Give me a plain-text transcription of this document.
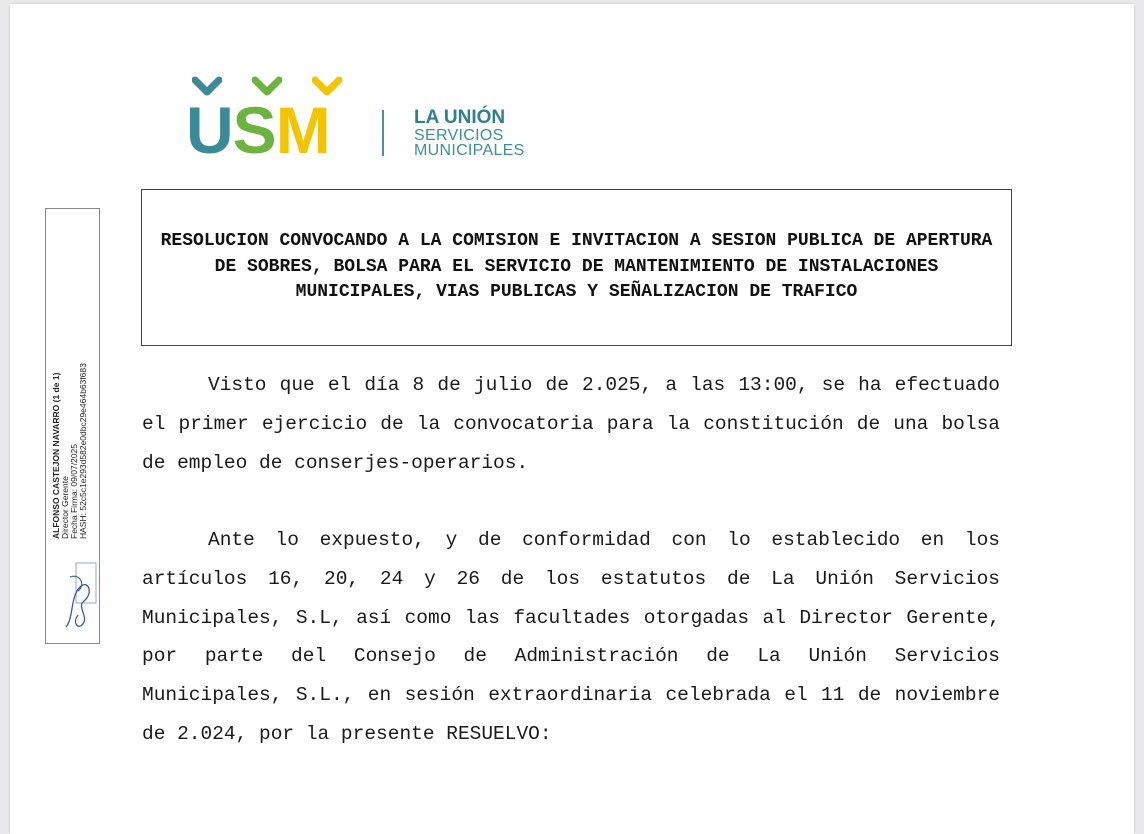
USM	LA UNIÓN
SERVICIOS
MUNICIPALES
ALFONSO CASTEJON NAVARRO (1 de 1) Director Gerente Fecha Firma: 09/07/2025 HASH: 52c5c1e293d582e0dbc29e464b63f683
RESOLUCION CONVOCANDO A LA COMISION E INVITACION A SESION PUBLICA DE APERTURA DE SOBRES, BOLSA PARA EL SERVICIO DE MANTENIMIENTO DE INSTALACIONES MUNICIPALES, VIAS PUBLICAS Y SEÑALIZACION DE TRAFICO
Visto que el día 8 de julio de 2.025, a las 13:00, se ha efectuado el primer ejercicio de la convocatoria para la constitución de una bolsa de empleo de conserjes-operarios.
Ante lo expuesto, y de conformidad con lo establecido en los artículos 16, 20, 24 y 26 de los estatutos de La Unión Servicios Municipales, S.L, así como las facultades otorgadas al Director Gerente, por parte del Consejo de Administración de La Unión Servicios Municipales, S.L., en sesión extraordinaria celebrada el 11 de noviembre de 2.024, por la presente RESUELVO:
